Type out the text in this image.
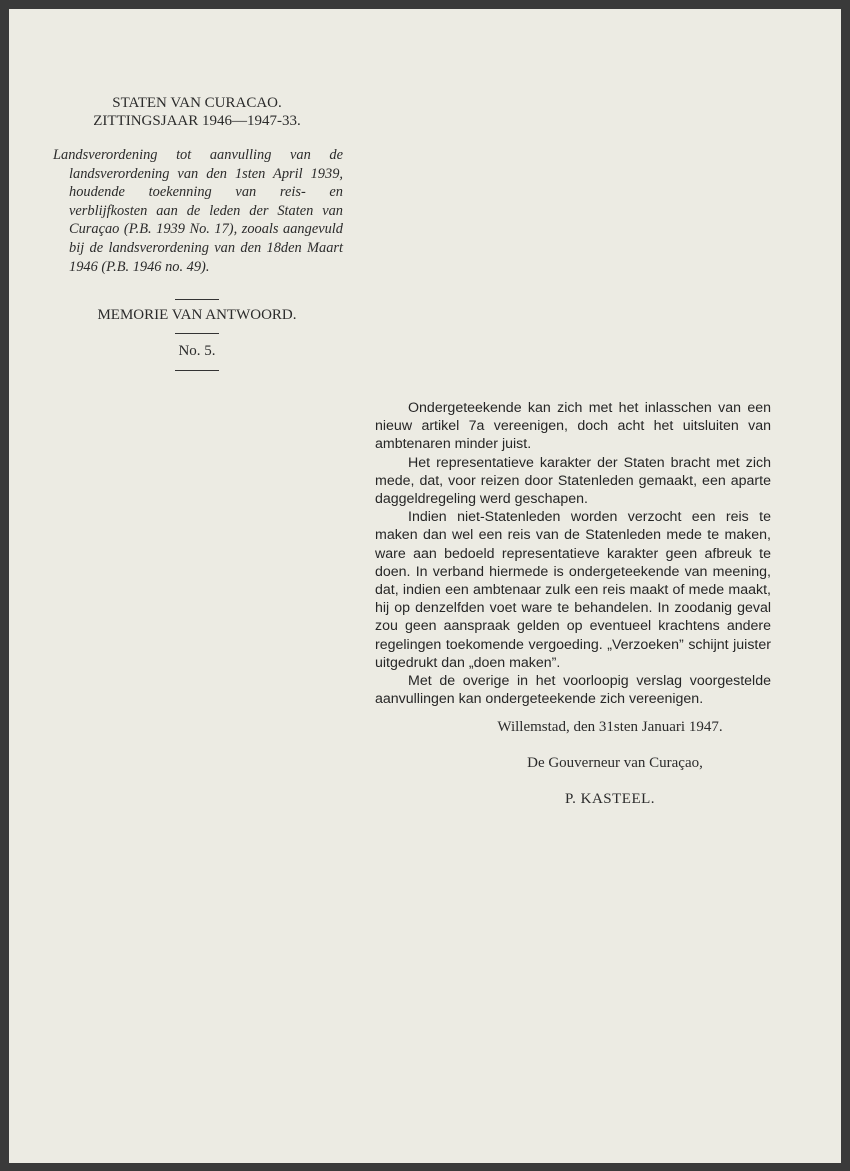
STATEN VAN CURACAO.
ZITTINGSJAAR 1946—1947-33.
Landsverordening tot aanvulling van de landsverordening van den 1sten April 1939, houdende toekenning van reis- en verblijfkosten aan de leden der Staten van Curaçao (P.B. 1939 No. 17), zooals aangevuld bij de landsverordening van den 18den Maart 1946 (P.B. 1946 no. 49).
MEMORIE VAN ANTWOORD.
No. 5.

Ondergeteekende kan zich met het inlasschen van een nieuw artikel 7a vereenigen, doch acht het uitsluiten van ambtenaren minder juist.

Het representatieve karakter der Staten bracht met zich mede, dat, voor reizen door Statenleden gemaakt, een aparte daggeldregeling werd geschapen.

Indien niet-Statenleden worden verzocht een reis te maken dan wel een reis van de Statenleden mede te maken, ware aan bedoeld representatieve karakter geen afbreuk te doen. In verband hiermede is ondergeteekende van meening, dat, indien een ambtenaar zulk een reis maakt of mede maakt, hij op denzelfden voet ware te behandelen. In zoodanig geval zou geen aanspraak gelden op eventueel krachtens andere regelingen toekomende vergoeding. „Verzoeken” schijnt juister uitgedrukt dan „doen maken”.

Met de overige in het voorloopig verslag voorgestelde aanvullingen kan ondergeteekende zich vereenigen.

Willemstad, den 31sten Januari 1947.
De Gouverneur van Curaçao,
P. KASTEEL.
